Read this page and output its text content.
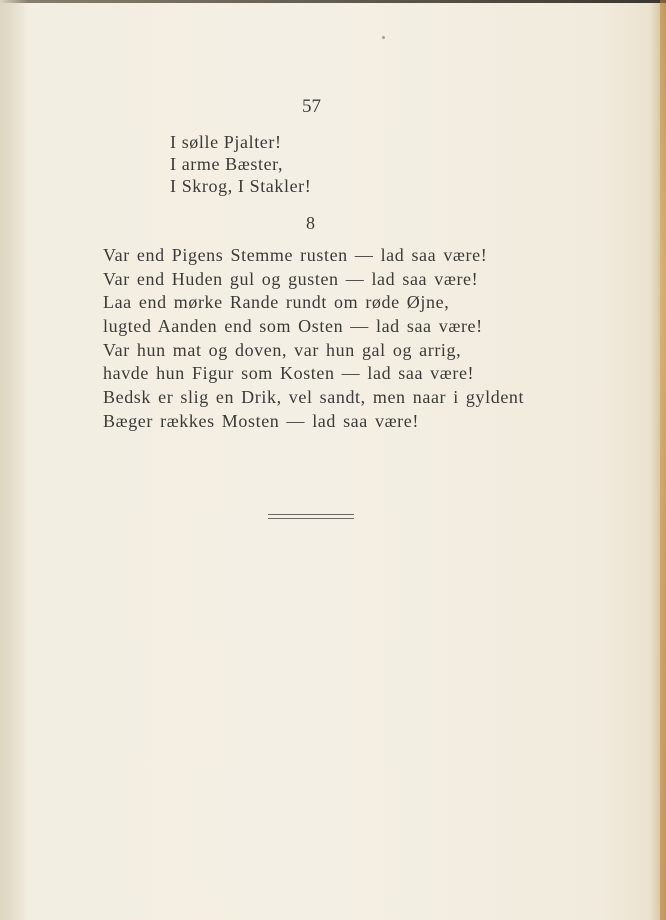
57
I sølle Pjalter!
I arme Bæster,
I Skrog, I Stakler!
8
Var end Pigens Stemme rusten — lad saa være!
Var end Huden gul og gusten — lad saa være!
Laa end mørke Rande rundt om røde Øjne,
lugted Aanden end som Osten — lad saa være!
Var hun mat og doven, var hun gal og arrig,
havde hun Figur som Kosten — lad saa være!
Bedsk er slig en Drik, vel sandt, men naar i gyldent
Bæger rækkes Mosten — lad saa være!
